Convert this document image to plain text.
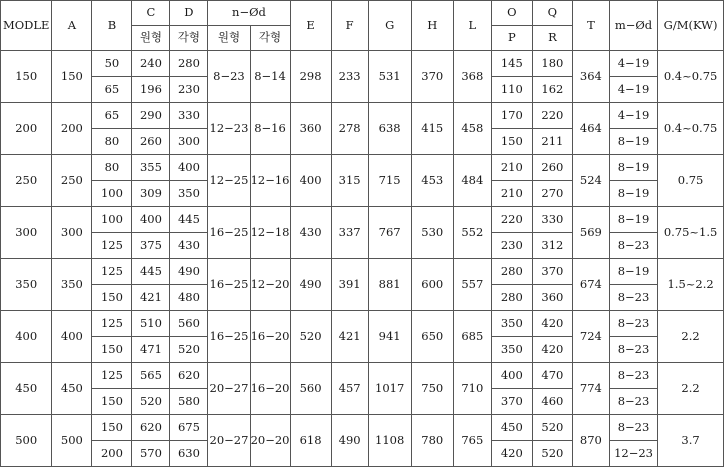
MODLE	A	B	C	D	n−Ød		E	F	G	H	L	O	Q	T	m−Ød	G/M(KW)
			원형	각형	원형	각형						P	R			
150	150	50	240	280	8−23	8−14	298	233	531	370	368	145	180	364	4−19	0.4~0.75
		65	196	230								110	162		4−19	
200	200	65	290	330	12−23	8−16	360	278	638	415	458	170	220	464	4−19	0.4~0.75
		80	260	300								150	211		8−19	
250	250	80	355	400	12−25	12−16	400	315	715	453	484	210	260	524	8−19	0.75
		100	309	350								210	270		8−19	
300	300	100	400	445	16−25	12−18	430	337	767	530	552	220	330	569	8−19	0.75~1.5
		125	375	430								230	312		8−23	
350	350	125	445	490	16−25	12−20	490	391	881	600	557	280	370	674	8−19	1.5~2.2
		150	421	480								280	360		8−23	
400	400	125	510	560	16−25	16−20	520	421	941	650	685	350	420	724	8−23	2.2
		150	471	520								350	420		8−23	
450	450	125	565	620	20−27	16−20	560	457	1017	750	710	400	470	774	8−23	2.2
		150	520	580								370	460		8−23	
500	500	150	620	675	20−27	20−20	618	490	1108	780	765	450	520	870	8−23	3.7
		200	570	630								420	520		12−23	
